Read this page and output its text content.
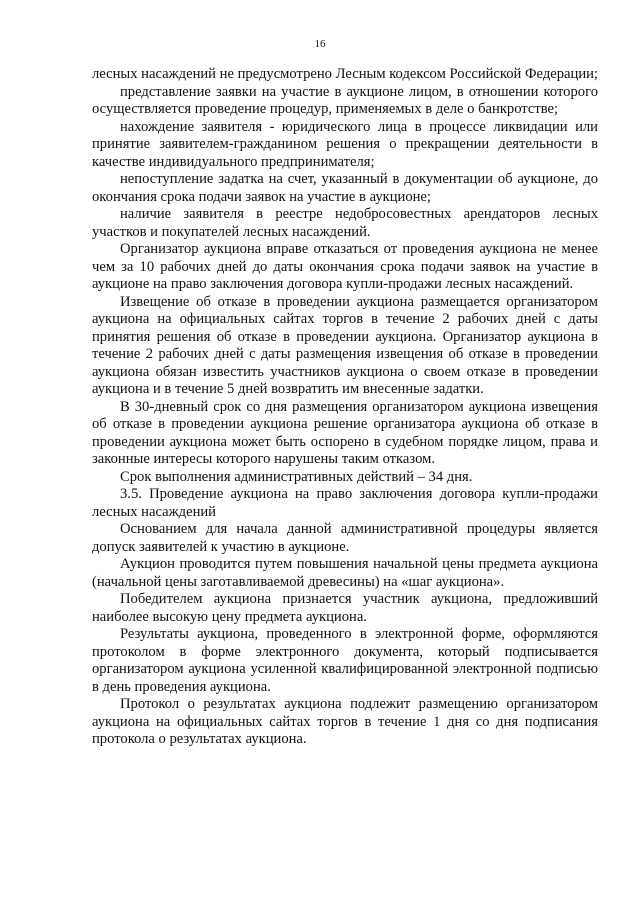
16

лесных насаждений не предусмотрено Лесным кодексом Российской Федерации;

представление заявки на участие в аукционе лицом, в отношении которого осуществляется проведение процедур, применяемых в деле о банкротстве;

нахождение заявителя - юридического лица в процессе ликвидации или принятие заявителем-гражданином решения о прекращении деятельности в качестве индивидуального предпринимателя;

непоступление задатка на счет, указанный в документации об аукционе, до окончания срока подачи заявок на участие в аукционе;

наличие заявителя в реестре недобросовестных арендаторов лесных участков и покупателей лесных насаждений.

Организатор аукциона вправе отказаться от проведения аукциона не менее чем за 10 рабочих дней до даты окончания срока подачи заявок на участие в аукционе на право заключения договора купли-продажи лесных насаждений.

Извещение об отказе в проведении аукциона размещается организатором аукциона на официальных сайтах торгов в течение 2 рабочих дней с даты принятия решения об отказе в проведении аукциона. Организатор аукциона в течение 2 рабочих дней с даты размещения извещения об отказе в проведении аукциона обязан известить участников аукциона о своем отказе в проведении аукциона и в течение 5 дней возвратить им внесенные задатки.

В 30-дневный срок со дня размещения организатором аукциона извещения об отказе в проведении аукциона решение организатора аукциона об отказе в проведении аукциона может быть оспорено в судебном порядке лицом, права и законные интересы которого нарушены таким отказом.

Срок выполнения административных действий – 34 дня.

3.5. Проведение аукциона на право заключения договора купли-продажи лесных насаждений

Основанием для начала данной административной процедуры является допуск заявителей к участию в аукционе.

Аукцион проводится путем повышения начальной цены предмета аукциона (начальной цены заготавливаемой древесины) на «шаг аукциона».

Победителем аукциона признается участник аукциона, предложивший наиболее высокую цену предмета аукциона.

Результаты аукциона, проведенного в электронной форме, оформляются протоколом в форме электронного документа, который подписывается организатором аукциона усиленной квалифицированной электронной подписью в день проведения аукциона.

Протокол о результатах аукциона подлежит размещению организатором аукциона на официальных сайтах торгов в течение 1 дня со дня подписания протокола о результатах аукциона.
